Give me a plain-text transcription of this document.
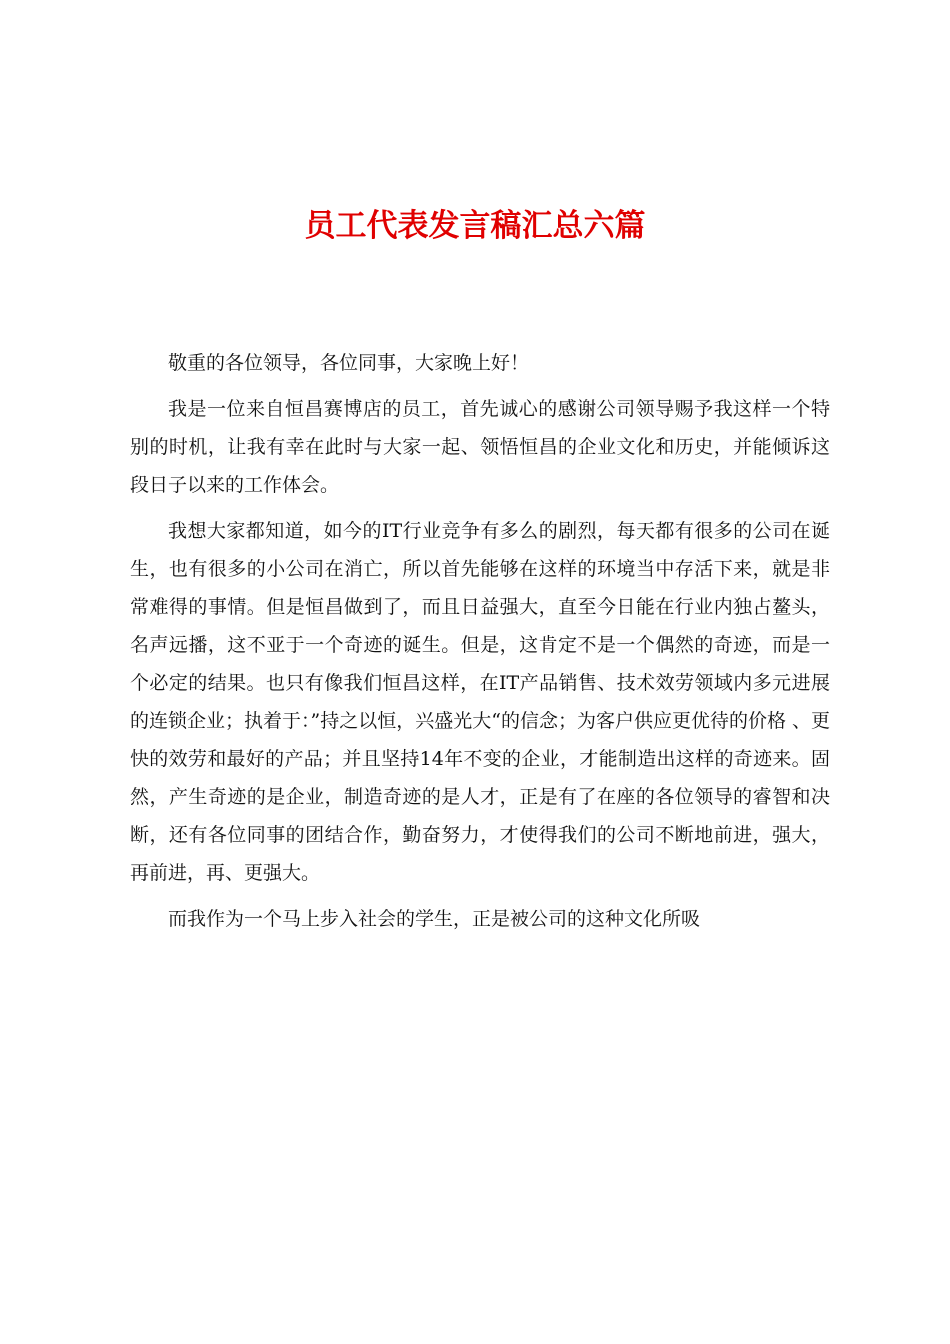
员工代表发言稿汇总六篇

敬重的各位领导，各位同事，大家晚上好！

我是一位来自恒昌赛博店的员工，首先诚心的感谢公司领导赐予我这样一个特别的时机，让我有幸在此时与大家一起、领悟恒昌的企业文化和历史，并能倾诉这段日子以来的工作体会。

我想大家都知道，如今的IT行业竞争有多么的剧烈，每天都有很多的公司在诞生，也有很多的小公司在消亡，所以首先能够在这样的环境当中存活下来，就是非常难得的事情。但是恒昌做到了，而且日益强大，直至今日能在行业内独占鳌头，名声远播，这不亚于一个奇迹的诞生。但是，这肯定不是一个偶然的奇迹，而是一个必定的结果。也只有像我们恒昌这样，在IT产品销售、技术效劳领域内多元进展的连锁企业；执着于：”持之以恒，兴盛光大“的信念；为客户供应更优待的价格 、更快的效劳和最好的产品；并且坚持14年不变的企业，才能制造出这样的奇迹来。固然，产生奇迹的是企业，制造奇迹的是人才，正是有了在座的各位领导的睿智和决断，还有各位同事的团结合作，勤奋努力，才使得我们的公司不断地前进，强大，再前进，再、更强大。

而我作为一个马上步入社会的学生，正是被公司的这种文化所吸
